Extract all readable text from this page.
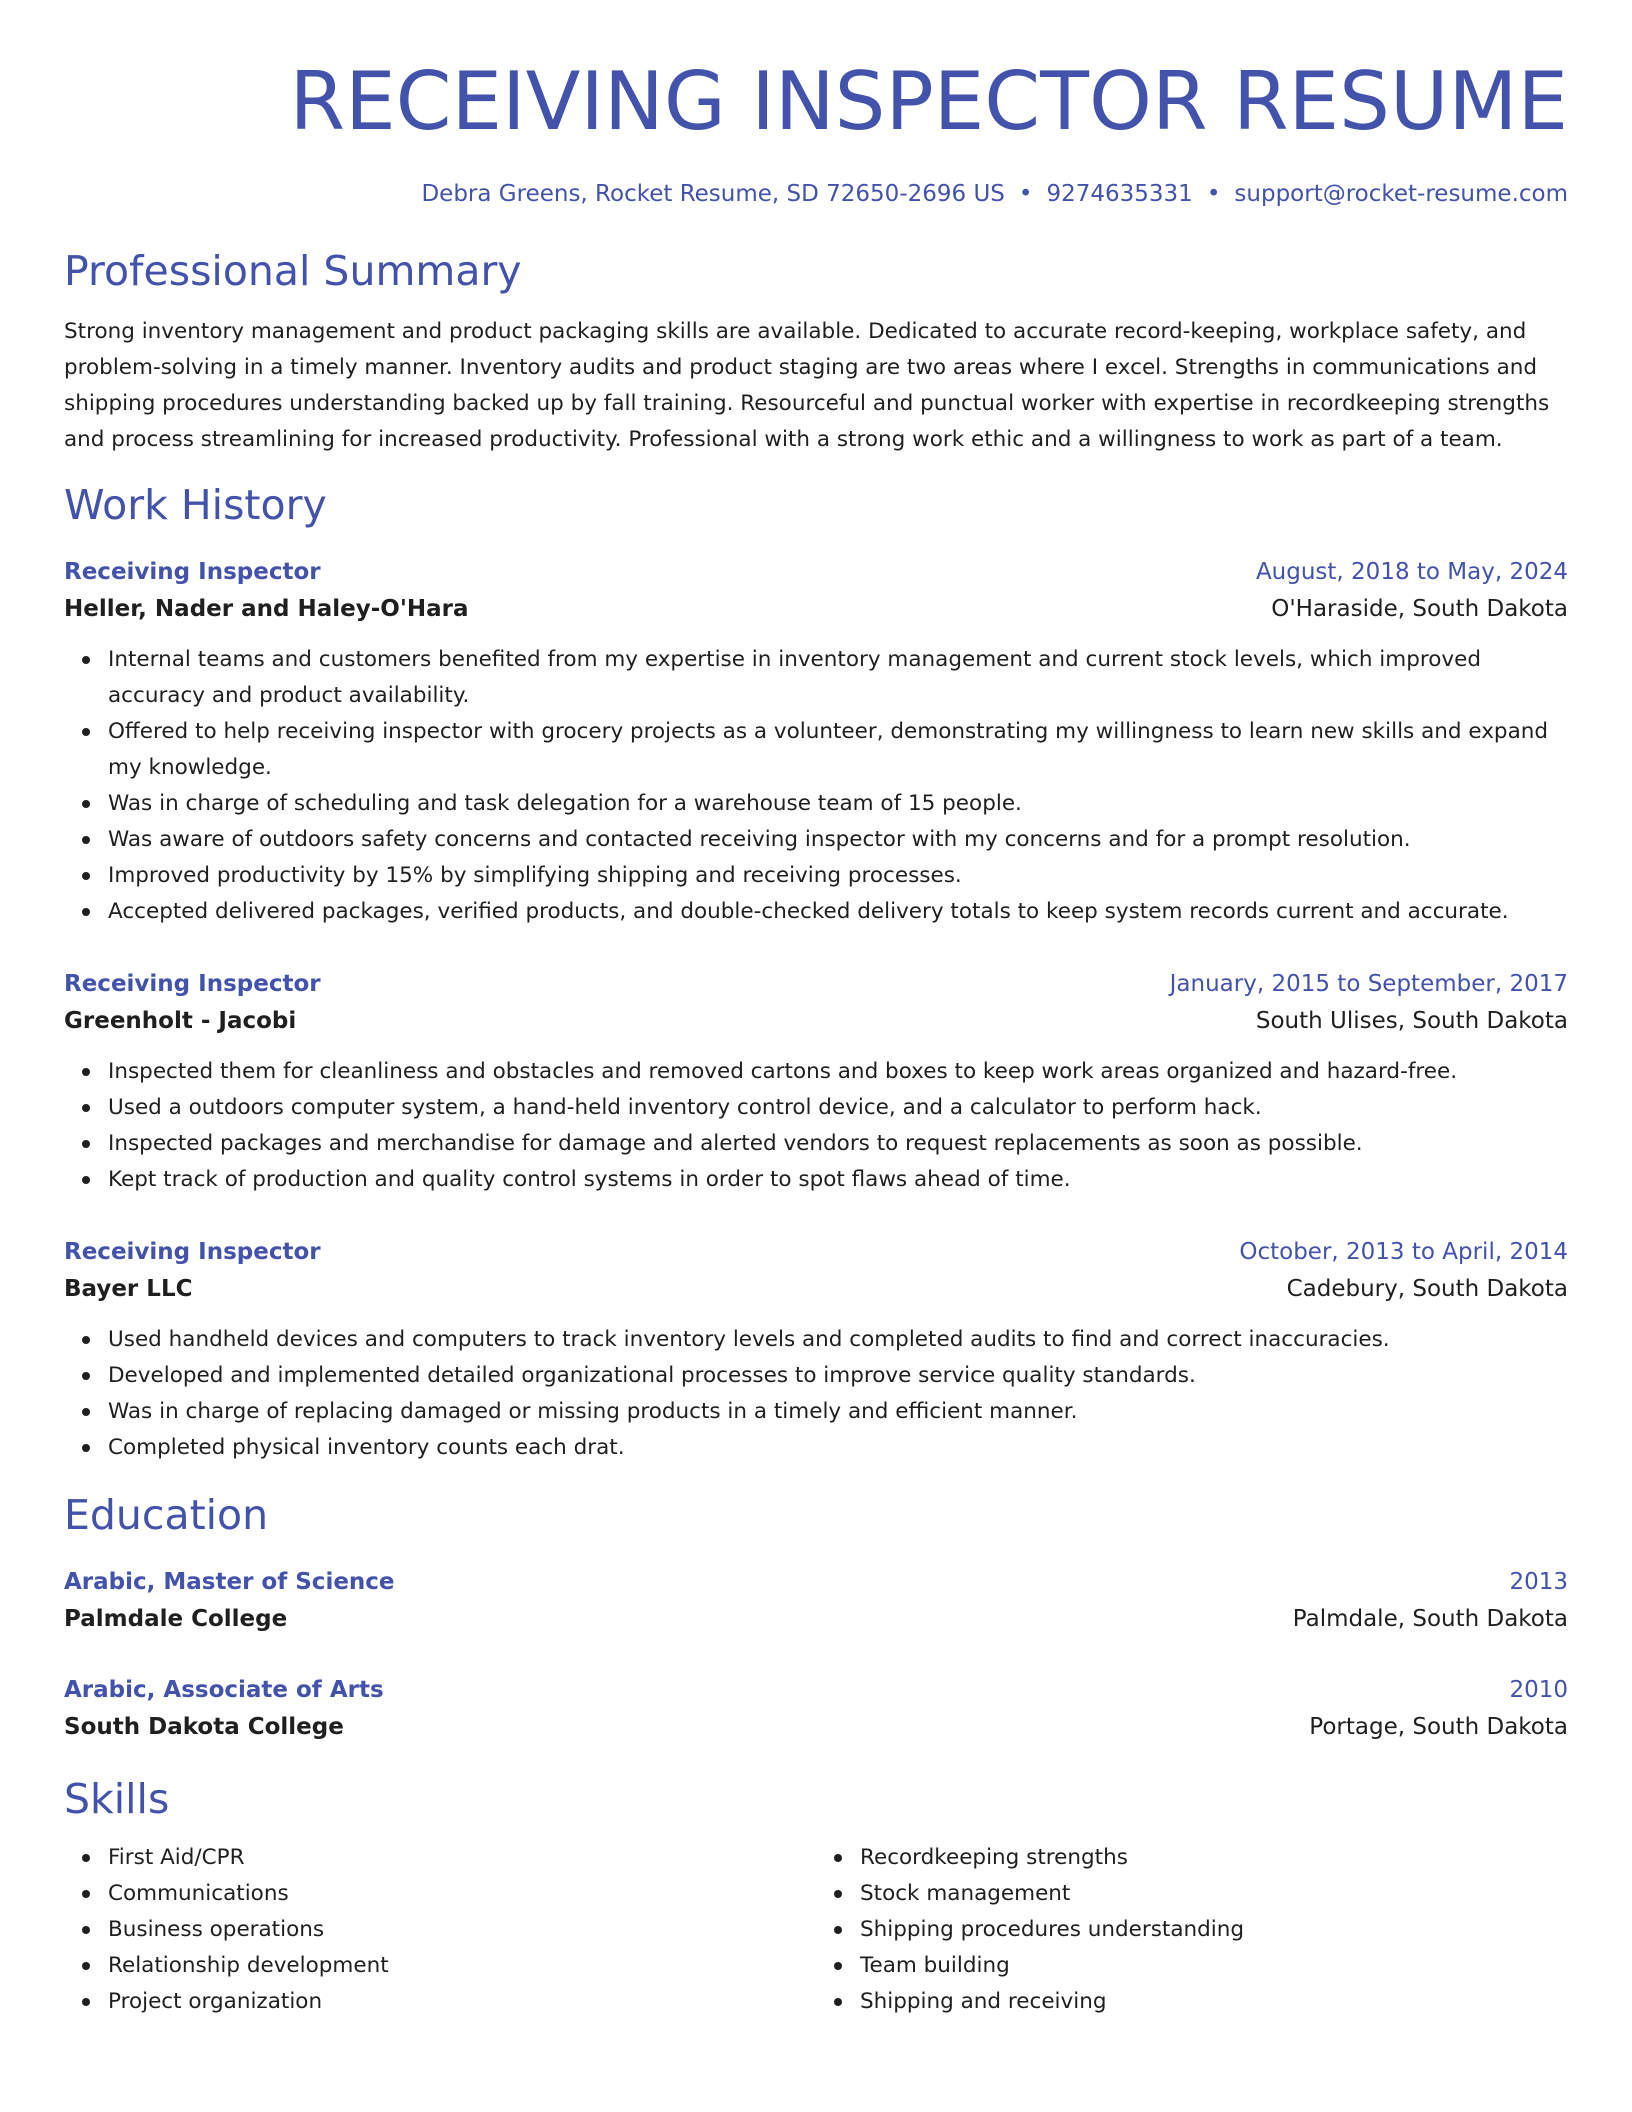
RECEIVING INSPECTOR RESUME
Debra Greens, Rocket Resume, SD 72650-2696 US • 9274635331 • support@rocket-resume.com
Professional Summary
Strong inventory management and product packaging skills are available. Dedicated to accurate record-keeping, workplace safety, and problem-solving in a timely manner. Inventory audits and product staging are two areas where I excel. Strengths in communications and shipping procedures understanding backed up by fall training. Resourceful and punctual worker with expertise in recordkeeping strengths and process streamlining for increased productivity. Professional with a strong work ethic and a willingness to work as part of a team.
Work History
Receiving Inspector	August, 2018 to May, 2024
Heller, Nader and Haley-O'Hara	O'Haraside, South Dakota
Internal teams and customers benefited from my expertise in inventory management and current stock levels, which improved accuracy and product availability.
Offered to help receiving inspector with grocery projects as a volunteer, demonstrating my willingness to learn new skills and expand my knowledge.
Was in charge of scheduling and task delegation for a warehouse team of 15 people.
Was aware of outdoors safety concerns and contacted receiving inspector with my concerns and for a prompt resolution.
Improved productivity by 15% by simplifying shipping and receiving processes.
Accepted delivered packages, verified products, and double-checked delivery totals to keep system records current and accurate.
Receiving Inspector	January, 2015 to September, 2017
Greenholt - Jacobi	South Ulises, South Dakota
Inspected them for cleanliness and obstacles and removed cartons and boxes to keep work areas organized and hazard-free.
Used a outdoors computer system, a hand-held inventory control device, and a calculator to perform hack.
Inspected packages and merchandise for damage and alerted vendors to request replacements as soon as possible.
Kept track of production and quality control systems in order to spot flaws ahead of time.
Receiving Inspector	October, 2013 to April, 2014
Bayer LLC	Cadebury, South Dakota
Used handheld devices and computers to track inventory levels and completed audits to find and correct inaccuracies.
Developed and implemented detailed organizational processes to improve service quality standards.
Was in charge of replacing damaged or missing products in a timely and efficient manner.
Completed physical inventory counts each drat.
Education
Arabic, Master of Science	2013
Palmdale College	Palmdale, South Dakota
Arabic, Associate of Arts	2010
South Dakota College	Portage, South Dakota
Skills
First Aid/CPR
Communications
Business operations
Relationship development
Project organization
Recordkeeping strengths
Stock management
Shipping procedures understanding
Team building
Shipping and receiving
